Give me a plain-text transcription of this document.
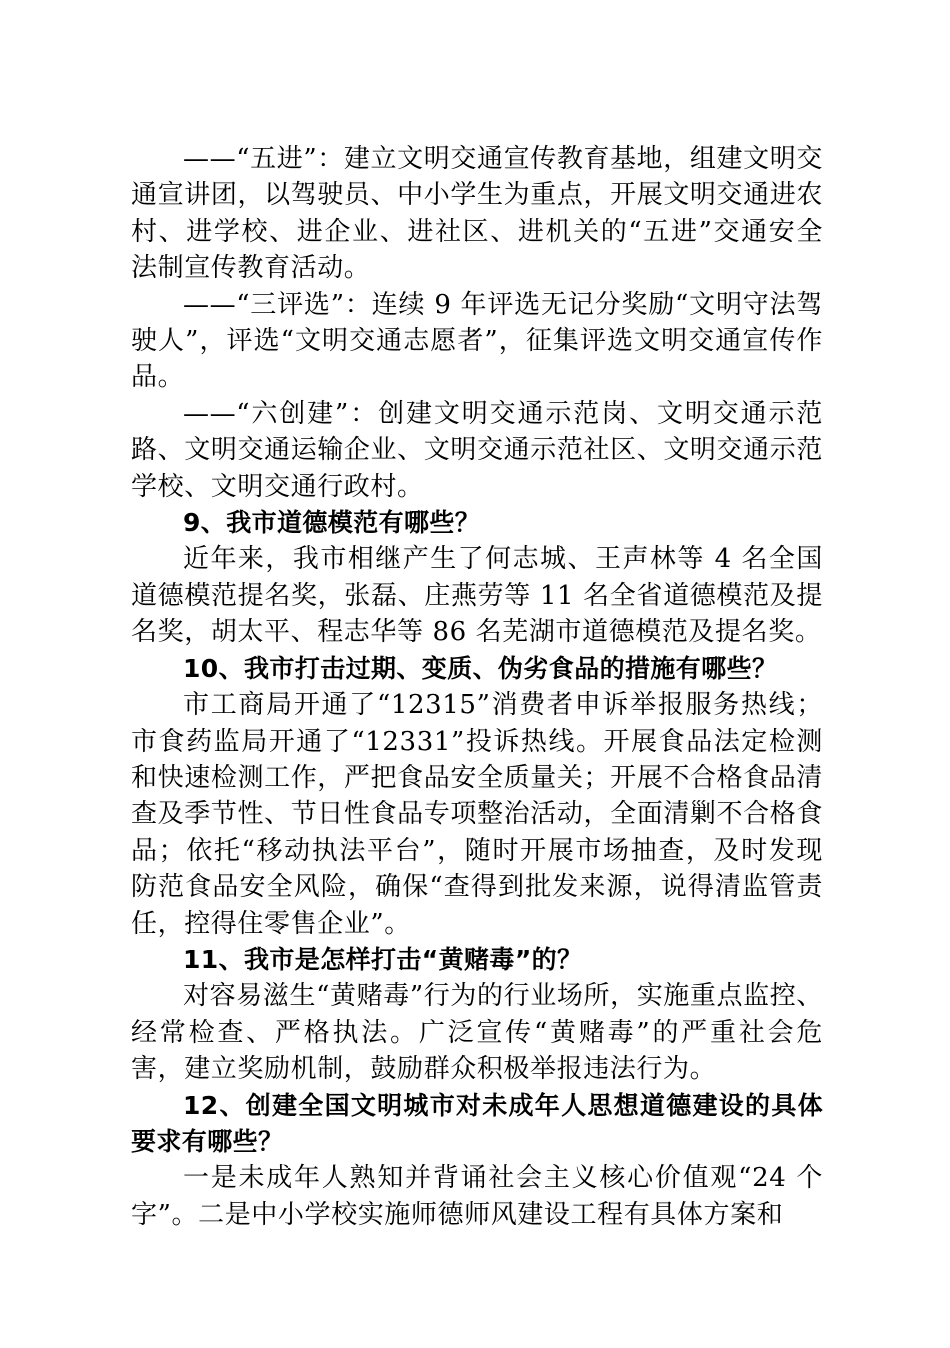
——“五进”：建立文明交通宣传教育基地，组建文明交通宣讲团，以驾驶员、中小学生为重点，开展文明交通进农村、进学校、进企业、进社区、进机关的“五进”交通安全法制宣传教育活动。

——“三评选”：连续 9 年评选无记分奖励“文明守法驾驶人”，评选“文明交通志愿者”，征集评选文明交通宣传作品。

——“六创建”：创建文明交通示范岗、文明交通示范路、文明交通运输企业、文明交通示范社区、文明交通示范学校、文明交通行政村。

9、我市道德模范有哪些？

近年来，我市相继产生了何志城、王声林等 4 名全国道德模范提名奖，张磊、庄燕劳等 11 名全省道德模范及提名奖，胡太平、程志华等 86 名芜湖市道德模范及提名奖。

10、我市打击过期、变质、伪劣食品的措施有哪些？

市工商局开通了“12315”消费者申诉举报服务热线；市食药监局开通了“12331”投诉热线。开展食品法定检测和快速检测工作，严把食品安全质量关；开展不合格食品清查及季节性、节日性食品专项整治活动，全面清剿不合格食品；依托“移动执法平台”，随时开展市场抽查，及时发现防范食品安全风险，确保“查得到批发来源，说得清监管责任，控得住零售企业”。

11、我市是怎样打击“黄赌毒”的？

对容易滋生“黄赌毒”行为的行业场所，实施重点监控、经常检查、严格执法。广泛宣传“黄赌毒”的严重社会危害，建立奖励机制，鼓励群众积极举报违法行为。

12、创建全国文明城市对未成年人思想道德建设的具体要求有哪些？

一是未成年人熟知并背诵社会主义核心价值观“24 个字”。二是中小学校实施师德师风建设工程有具体方案和
